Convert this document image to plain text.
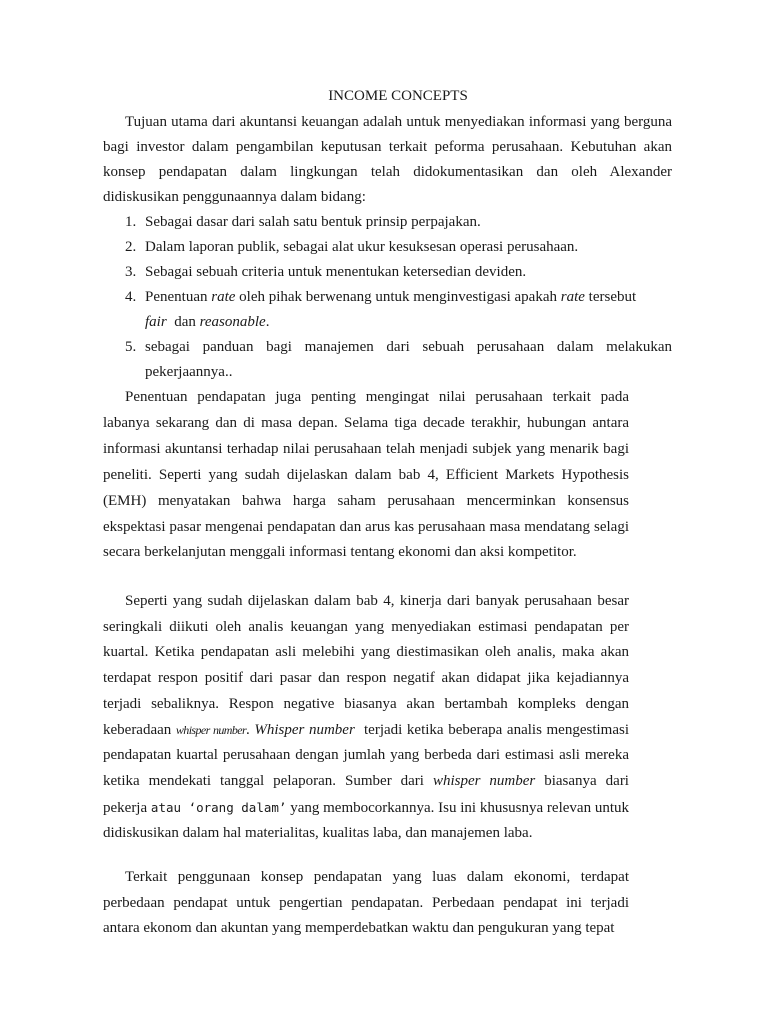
INCOME CONCEPTS

Tujuan utama dari akuntansi keuangan adalah untuk menyediakan informasi yang berguna bagi investor dalam pengambilan keputusan terkait peforma perusahaan. Kebutuhan akan konsep pendapatan dalam lingkungan telah didokumentasikan dan oleh Alexander didiskusikan penggunaannya dalam bidang:

1. Sebagai dasar dari salah satu bentuk prinsip perpajakan.
2. Dalam laporan publik, sebagai alat ukur kesuksesan operasi perusahaan.
3. Sebagai sebuah criteria untuk menentukan ketersedian deviden.
4. Penentuan rate oleh pihak berwenang untuk menginvestigasi apakah rate tersebut
fair  dan reasonable.
5. sebagai panduan bagi manajemen dari sebuah perusahaan dalam melakukan pekerjaannya..

Penentuan pendapatan juga penting mengingat nilai perusahaan terkait pada labanya sekarang dan di masa depan. Selama tiga decade terakhir, hubungan antara informasi akuntansi terhadap nilai perusahaan telah menjadi subjek yang menarik bagi peneliti. Seperti yang sudah dijelaskan dalam bab 4, Efficient Markets Hypothesis (EMH) menyatakan bahwa harga saham perusahaan mencerminkan konsensus ekspektasi pasar mengenai pendapatan dan arus kas perusahaan masa mendatang selagi secara berkelanjutan menggali informasi tentang ekonomi dan aksi kompetitor.

Seperti yang sudah dijelaskan dalam bab 4, kinerja dari banyak perusahaan besar seringkali diikuti oleh analis keuangan yang menyediakan estimasi pendapatan per kuartal. Ketika pendapatan asli melebihi yang diestimasikan oleh analis, maka akan terdapat respon positif dari pasar dan respon negatif akan didapat jika kejadiannya terjadi sebaliknya. Respon negative biasanya akan bertambah kompleks dengan keberadaan whisper number. Whisper number  terjadi ketika beberapa analis mengestimasi pendapatan kuartal perusahaan dengan jumlah yang berbeda dari estimasi asli mereka ketika mendekati tanggal pelaporan. Sumber dari whisper number biasanya dari pekerja atau ‘orang dalam’ yang membocorkannya. Isu ini khususnya relevan untuk didiskusikan dalam hal materialitas, kualitas laba, dan manajemen laba.

Terkait penggunaan konsep pendapatan yang luas dalam ekonomi, terdapat perbedaan pendapat untuk pengertian pendapatan. Perbedaan pendapat ini terjadi antara ekonom dan akuntan yang memperdebatkan waktu dan pengukuran yang tepat
